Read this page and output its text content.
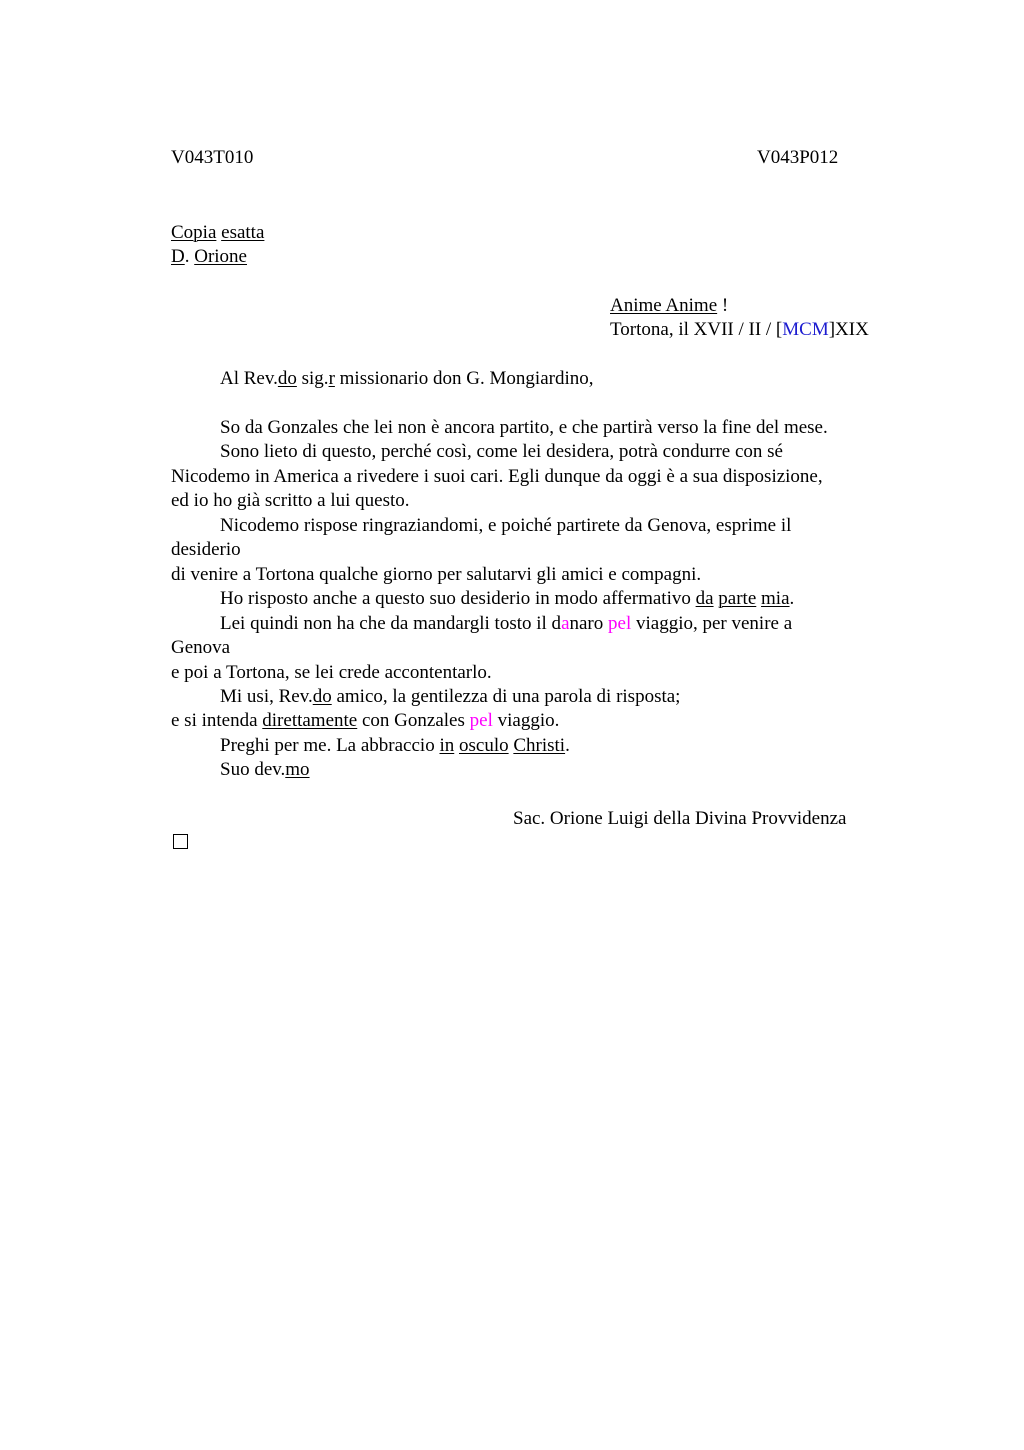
V043T010	V043P012
Copia esatta
D. Orione
Anime Anime !
Tortona, il XVII / II / [MCM]XIX
Al Rev.do sig.r missionario don G. Mongiardino,
So da Gonzales che lei non è ancora partito, e che partirà verso la fine del mese.
Sono lieto di questo, perché così, come lei desidera, potrà condurre con sé
Nicodemo in America a rivedere i suoi cari. Egli dunque da oggi è a sua disposizione,
ed io ho già scritto a lui questo.
Nicodemo rispose ringraziandomi, e poiché partirete da Genova, esprime il
desiderio
di venire a Tortona qualche giorno per salutarvi gli amici e compagni.
Ho risposto anche a questo suo desiderio in modo affermativo da parte mia.
Lei quindi non ha che da mandargli tosto il danaro pel viaggio, per venire a
Genova
e poi a Tortona, se lei crede accontentarlo.
Mi usi, Rev.do amico, la gentilezza di una parola di risposta;
e si intenda direttamente con Gonzales pel viaggio.
Preghi per me. La abbraccio in osculo Christi.
Suo dev.mo
Sac. Orione Luigi della Divina Provvidenza
